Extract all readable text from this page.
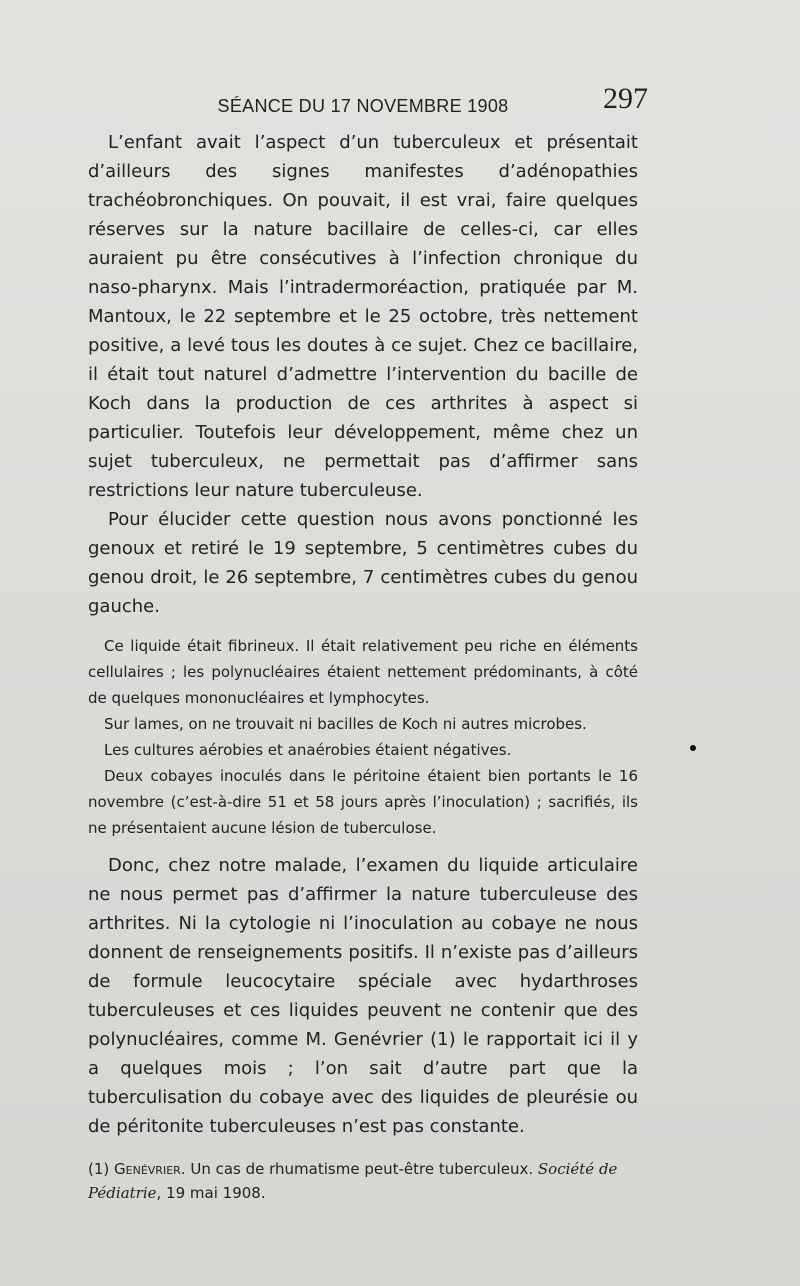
SÉANCE DU 17 NOVEMBRE 1908	297

L’enfant avait l’aspect d’un tuberculeux et présentait d’ailleurs des signes manifestes d’adénopathies trachéobronchiques. On pouvait, il est vrai, faire quelques réserves sur la nature bacillaire de celles-ci, car elles auraient pu être consécutives à l’infection chronique du naso-pharynx. Mais l’intradermoréaction, pratiquée par M. Mantoux, le 22 septembre et le 25 octobre, très nettement positive, a levé tous les doutes à ce sujet. Chez ce bacillaire, il était tout naturel d’admettre l’intervention du bacille de Koch dans la production de ces arthrites à aspect si particulier. Toutefois leur développement, même chez un sujet tuberculeux, ne permettait pas d’affirmer sans restrictions leur nature tuberculeuse.

Pour élucider cette question nous avons ponctionné les genoux et retiré le 19 septembre, 5 centimètres cubes du genou droit, le 26 septembre, 7 centimètres cubes du genou gauche.

Ce liquide était fibrineux. Il était relativement peu riche en éléments cellulaires ; les polynucléaires étaient nettement prédominants, à côté de quelques mononucléaires et lymphocytes.

Sur lames, on ne trouvait ni bacilles de Koch ni autres microbes.

Les cultures aérobies et anaérobies étaient négatives.

Deux cobayes inoculés dans le péritoine étaient bien portants le 16 novembre (c’est-à-dire 51 et 58 jours après l’inoculation) ; sacrifiés, ils ne présentaient aucune lésion de tuberculose.

Donc, chez notre malade, l’examen du liquide articulaire ne nous permet pas d’affirmer la nature tuberculeuse des arthrites. Ni la cytologie ni l’inoculation au cobaye ne nous donnent de renseignements positifs. Il n’existe pas d’ailleurs de formule leucocytaire spéciale avec hydarthroses tuberculeuses et ces liquides peuvent ne contenir que des polynucléaires, comme M. Genévrier (1) le rapportait ici il y a quelques mois ; l’on sait d’autre part que la tuberculisation du cobaye avec des liquides de pleurésie ou de péritonite tuberculeuses n’est pas constante.

(1) Genévrier. Un cas de rhumatisme peut-être tuberculeux. Société de Pédiatrie, 19 mai 1908.
